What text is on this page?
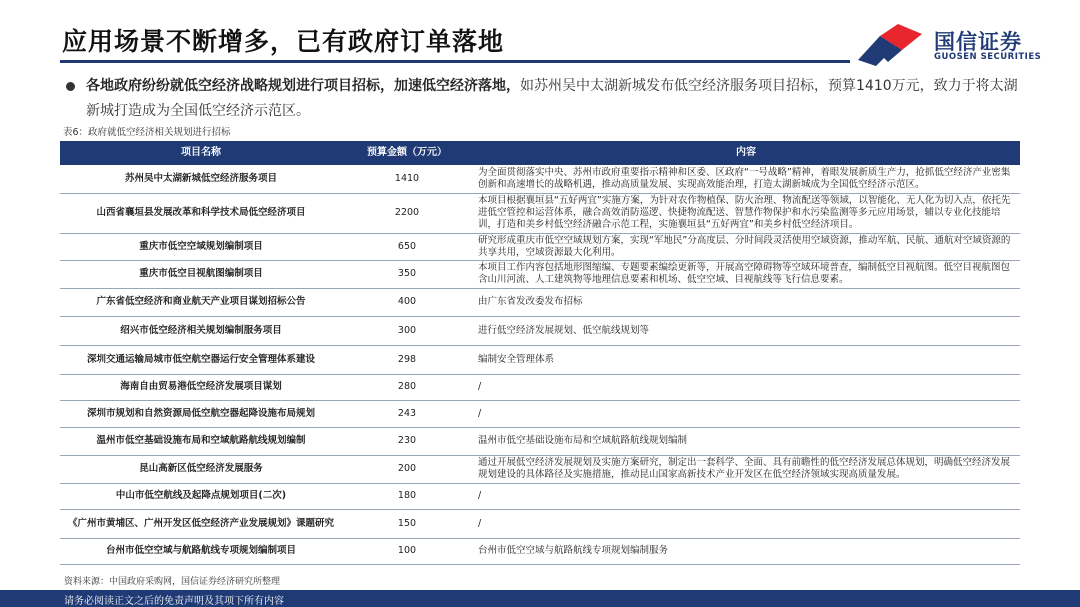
应用场景不断增多，已有政府订单落地	国信证券
GUOSEN SECURITIES
各地政府纷纷就低空经济战略规划进行项目招标，加速低空经济落地，如苏州吴中太湖新城发布低空经济服务项目招标，预算1410万元，致力于将太湖新城打造成为全国低空经济示范区。
表6：政府就低空经济相关规划进行招标
项目名称	预算金额（万元）	内容
苏州吴中太湖新城低空经济服务项目	1410	为全面贯彻落实中央、苏州市政府重要指示精神和区委、区政府“一号战略”精神，着眼发展新质生产力，抢抓低空经济产业密集创新和高速增长的战略机遇，推动高质量发展、实现高效能治理，打造太湖新城成为全国低空经济示范区。
山西省襄垣县发展改革和科学技术局低空经济项目	2200	本项目根据襄垣县“五好两宜”实施方案，为针对农作物植保、防火治理、物流配送等领域，以智能化、无人化为切入点，依托先进低空管控和运营体系，融合高效消防巡逻、快捷物流配送、智慧作物保护和水污染监测等多元应用场景，辅以专业化技能培训，打造和美乡村低空经济融合示范工程，实施襄垣县“五好两宜”和美乡村低空经济项目。
重庆市低空空域规划编制项目	650	研究形成重庆市低空空域规划方案，实现“军地民”分高度层、分时间段灵活使用空域资源，推动军航、民航、通航对空域资源的共享共用，空域资源最大化利用。
重庆市低空目视航图编制项目	350	本项目工作内容包括地形图缩编、专题要素编绘更新等，开展高空障碍物等空域环境普查，编制低空目视航图。低空目视航图包含山川河流、人工建筑物等地理信息要素和机场、低空空域、目视航线等飞行信息要素。
广东省低空经济和商业航天产业项目谋划招标公告	400	由广东省发改委发布招标
绍兴市低空经济相关规划编制服务项目	300	进行低空经济发展规划、低空航线规划等
深圳交通运输局城市低空航空器运行安全管理体系建设	298	编制安全管理体系
海南自由贸易港低空经济发展项目谋划	280	/
深圳市规划和自然资源局低空航空器起降设施布局规划	243	/
温州市低空基础设施布局和空域航路航线规划编制	230	温州市低空基础设施布局和空域航路航线规划编制
昆山高新区低空经济发展服务	200	通过开展低空经济发展规划及实施方案研究，制定出一套科学、全面、具有前瞻性的低空经济发展总体规划，明确低空经济发展规划建设的具体路径及实施措施，推动昆山国家高新技术产业开发区在低空经济领域实现高质量发展。
中山市低空航线及起降点规划项目(二次)	180	/
《广州市黄埔区、广州开发区低空经济产业发展规划》课题研究	150	/
台州市低空空域与航路航线专项规划编制项目	100	台州市低空空域与航路航线专项规划编制服务
资料来源：中国政府采购网，国信证券经济研究所整理
请务必阅读正文之后的免责声明及其项下所有内容
